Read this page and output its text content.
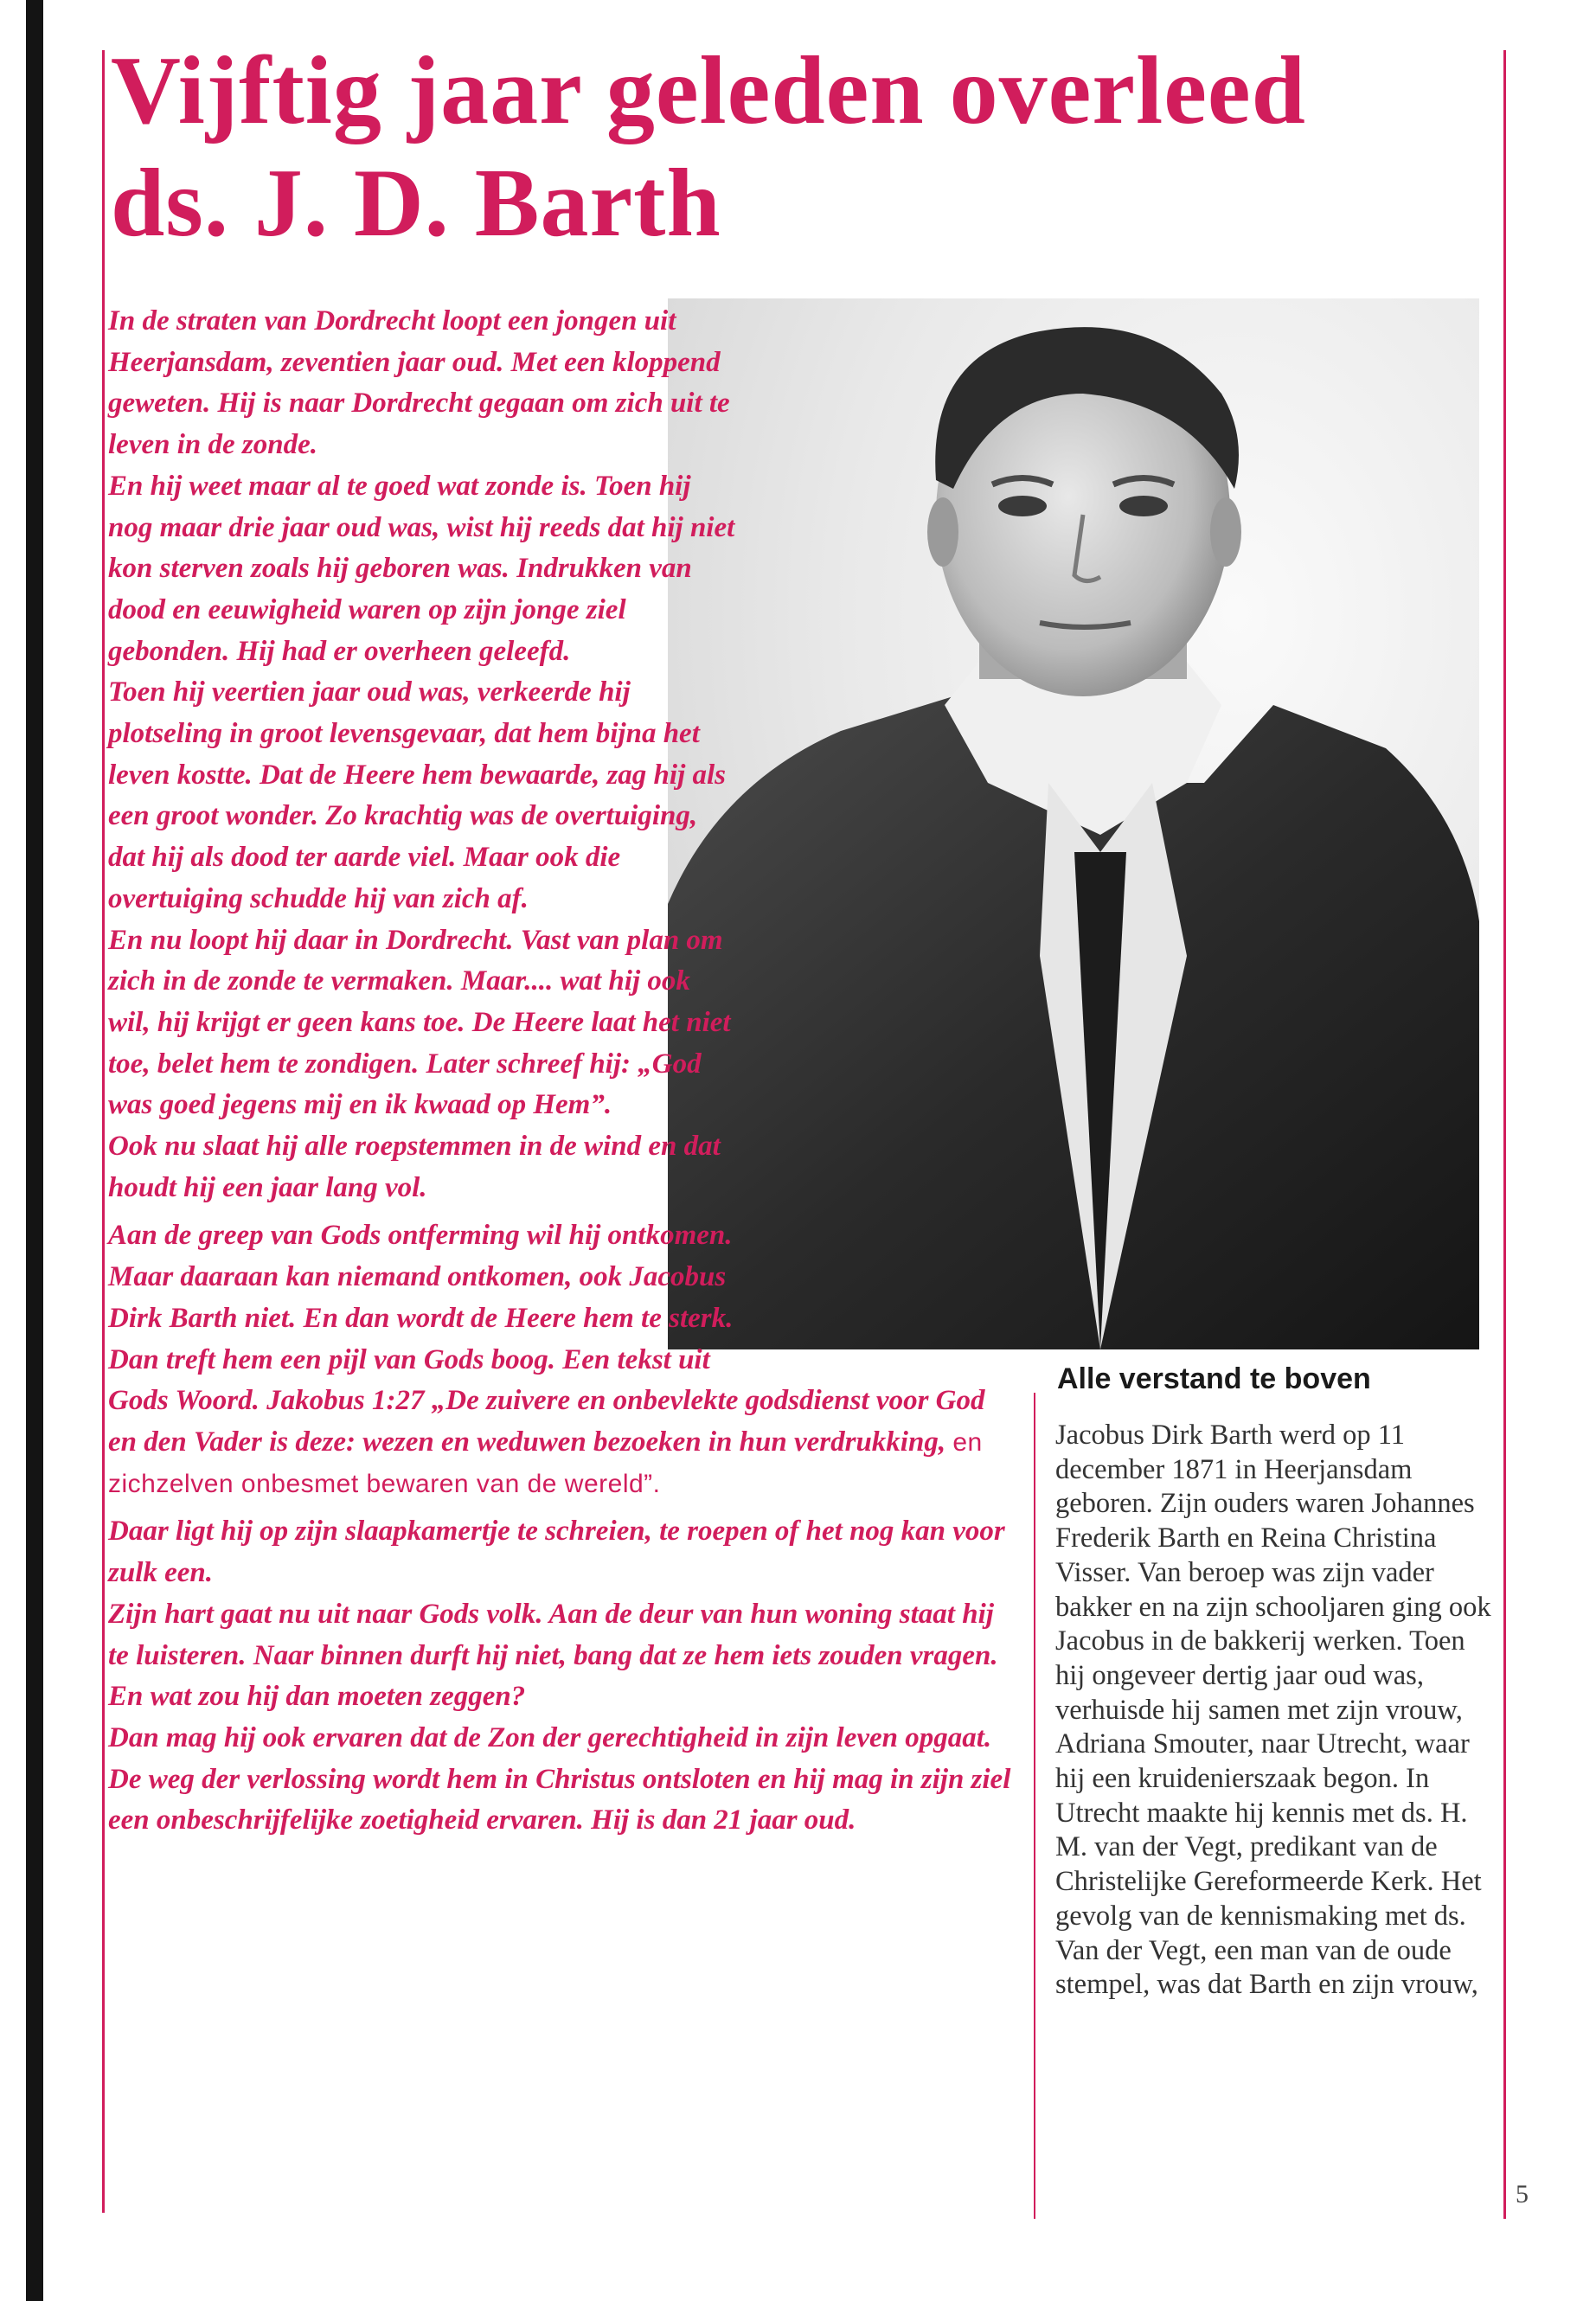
Vijftig jaar geleden overleed
ds. J. D. Barth

In de straten van Dordrecht loopt een jongen uit Heerjansdam, zeventien jaar oud. Met een kloppend geweten. Hij is naar Dordrecht gegaan om zich uit te leven in de zonde.

En hij weet maar al te goed wat zonde is. Toen hij nog maar drie jaar oud was, wist hij reeds dat hij niet kon sterven zoals hij geboren was. Indrukken van dood en eeuwigheid waren op zijn jonge ziel gebonden. Hij had er overheen geleefd.

Toen hij veertien jaar oud was, verkeerde hij plotseling in groot levensgevaar, dat hem bijna het leven kostte. Dat de Heere hem bewaarde, zag hij als een groot wonder. Zo krachtig was de overtuiging, dat hij als dood ter aarde viel. Maar ook die overtuiging schudde hij van zich af.

En nu loopt hij daar in Dordrecht. Vast van plan om zich in de zonde te vermaken. Maar.... wat hij ook wil, hij krijgt er geen kans toe. De Heere laat het niet toe, belet hem te zondigen. Later schreef hij: „God was goed jegens mij en ik kwaad op Hem”.

Ook nu slaat hij alle roepstemmen in de wind en dat houdt hij een jaar lang vol.

Aan de greep van Gods ontferming wil hij ontkomen. Maar daaraan kan niemand ontkomen, ook Jacobus Dirk Barth niet. En dan wordt de Heere hem te sterk. Dan treft hem een pijl van Gods boog. Een tekst uit Gods Woord. Jakobus 1:27 „De zuivere en onbevlekte godsdienst voor God en den Vader is deze: wezen en weduwen bezoeken in hun verdrukking, en zichzelven onbesmet bewaren van de wereld”.

Daar ligt hij op zijn slaapkamertje te schreien, te roepen of het nog kan voor zulk een.

Zijn hart gaat nu uit naar Gods volk. Aan de deur van hun woning staat hij te luisteren. Naar binnen durft hij niet, bang dat ze hem iets zouden vragen. En wat zou hij dan moeten zeggen?

Dan mag hij ook ervaren dat de Zon der gerechtigheid in zijn leven opgaat. De weg der verlossing wordt hem in Christus ontsloten en hij mag in zijn ziel een onbeschrijfelijke zoetigheid ervaren. Hij is dan 21 jaar oud.

Alle verstand te boven

Jacobus Dirk Barth werd op 11 december 1871 in Heerjansdam geboren. Zijn ouders waren Johannes Frederik Barth en Reina Christina Visser. Van beroep was zijn vader bakker en na zijn schooljaren ging ook Jacobus in de bakkerij werken. Toen hij ongeveer dertig jaar oud was, verhuisde hij samen met zijn vrouw, Adriana Smouter, naar Utrecht, waar hij een kruidenierszaak begon. In Utrecht maakte hij kennis met ds. H. M. van der Vegt, predikant van de Christelijke Gereformeerde Kerk. Het gevolg van de kennismaking met ds. Van der Vegt, een man van de oude stempel, was dat Barth en zijn vrouw,

5
